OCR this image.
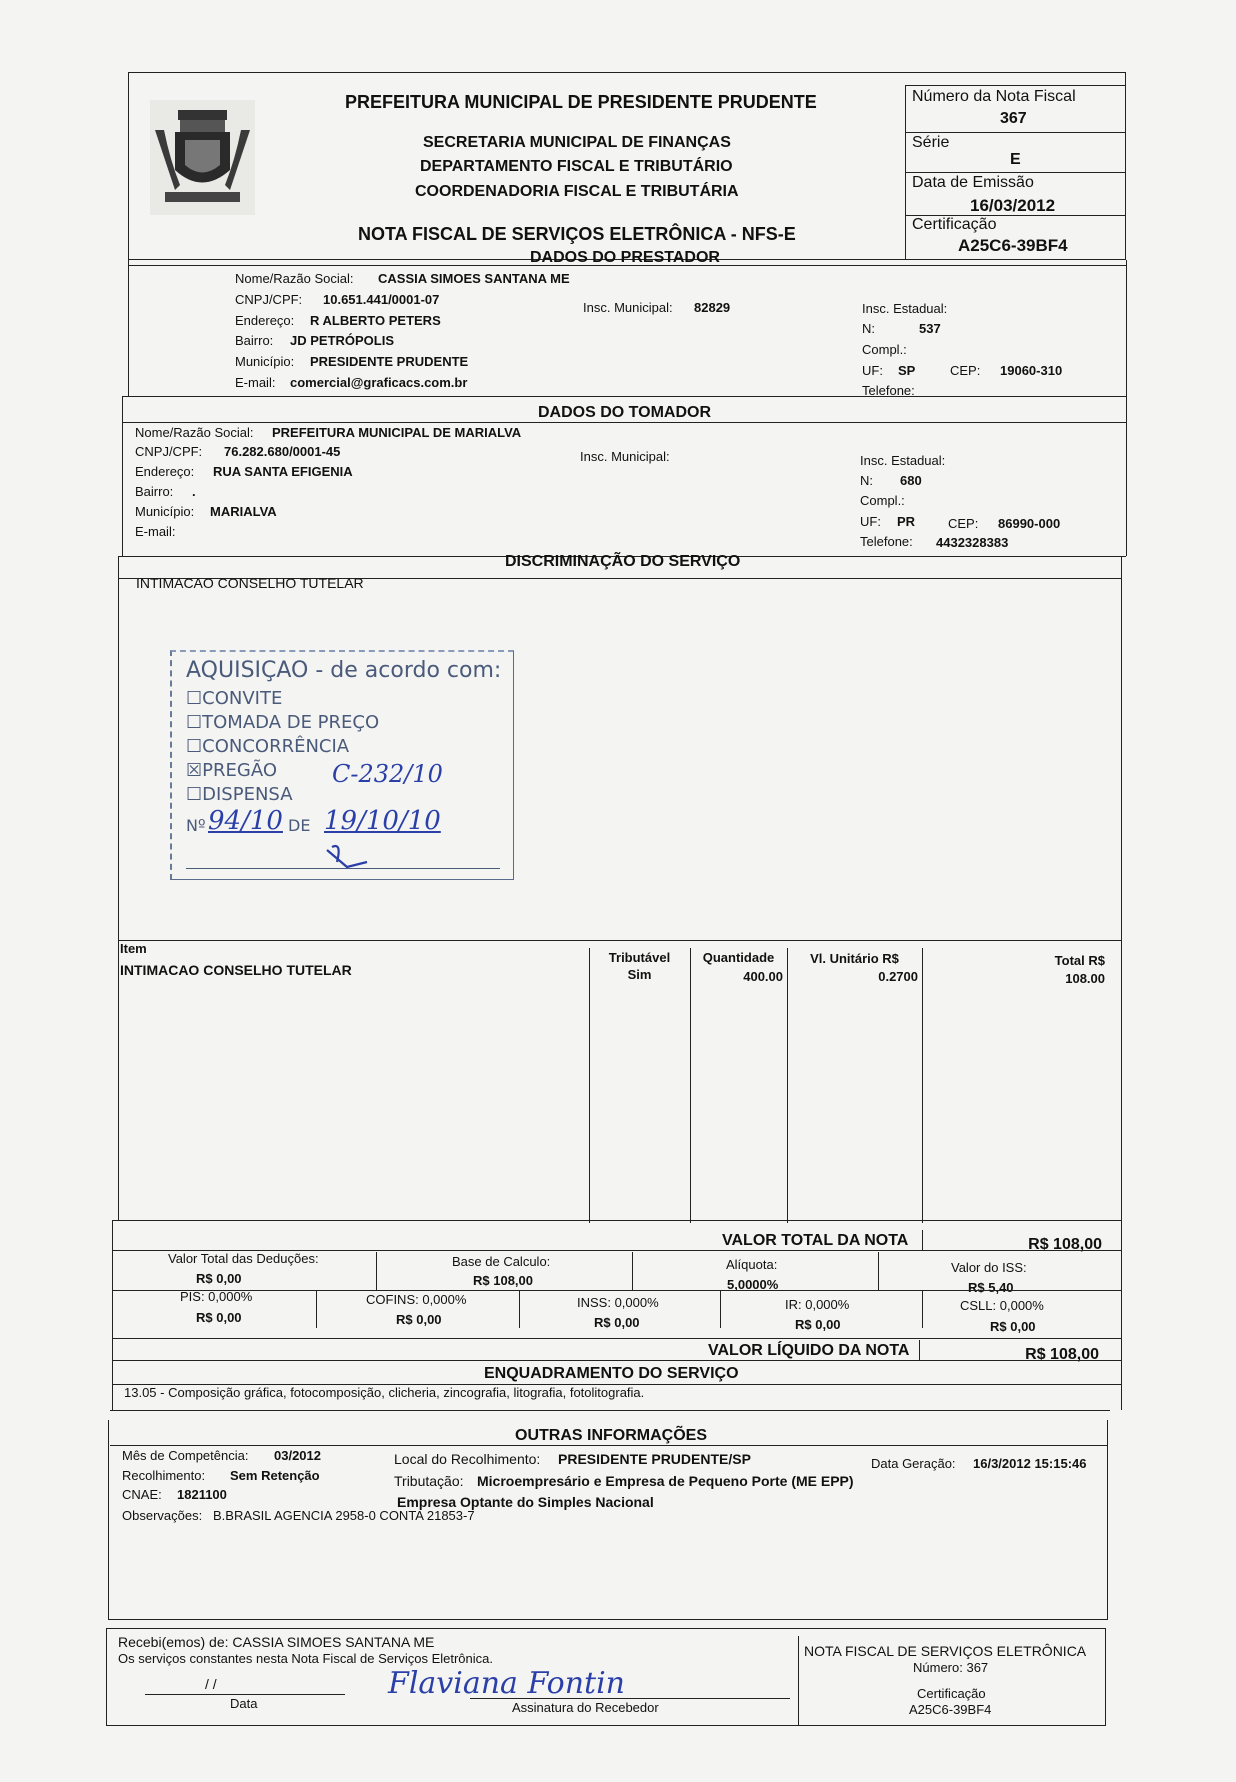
PREFEITURA MUNICIPAL DE PRESIDENTE PRUDENTE
SECRETARIA MUNICIPAL DE FINANÇAS
DEPARTAMENTO FISCAL E TRIBUTÁRIO
COORDENADORIA FISCAL E TRIBUTÁRIA
NOTA FISCAL DE SERVIÇOS ELETRÔNICA - NFS-E
Número da Nota Fiscal
367
Série
E
Data de Emissão
16/03/2012
Certificação
A25C6-39BF4
DADOS DO PRESTADOR
Nome/Razão Social: CASSIA SIMOES SANTANA ME
CNPJ/CPF: 10.651.441/0001-07
Endereço: R ALBERTO PETERS
Bairro: JD PETRÓPOLIS
Município: PRESIDENTE PRUDENTE
E-mail: comercial@graficacs.com.br
Insc. Municipal: 82829	Insc. Estadual:
N:	537
Compl.:
UF: SP	CEP: 19060-310
Telefone:
DADOS DO TOMADOR
Nome/Razão Social: PREFEITURA MUNICIPAL DE MARIALVA
CNPJ/CPF: 76.282.680/0001-45
Endereço: RUA SANTA EFIGENIA
Bairro: .
Município: MARIALVA
E-mail:
Insc. Municipal:	Insc. Estadual:
N: 680
Compl.:
UF: PR	CEP: 86990-000
Telefone: 4432328383
DISCRIMINAÇÃO DO SERVIÇO
INTIMACAO CONSELHO TUTELAR
AQUISIÇAO - de acordo com:
☐CONVITE
☐TOMADA DE PREÇO
☐CONCORRÊNCIA
☒PREGÃO C-232/10
☐DISPENSA
Nº 94/10 DE 19/10/10
Item
Tributável	Quantidade	Vl. Unitário R$	Total R$
INTIMACAO CONSELHO TUTELAR	Sim	400.00	0.2700	108.00
VALOR TOTAL DA NOTA	R$ 108,00
Valor Total das Deduções:
R$ 0,00
Base de Calculo:
R$ 108,00
Alíquota:
5,0000%
Valor do ISS:
R$ 5,40
PIS: 0,000%
R$ 0,00
COFINS: 0,000%
R$ 0,00
INSS: 0,000%
R$ 0,00
IR: 0,000%
R$ 0,00
CSLL: 0,000%
R$ 0,00
VALOR LÍQUIDO DA NOTA	R$ 108,00
ENQUADRAMENTO DO SERVIÇO
13.05 - Composição gráfica, fotocomposição, clicheria, zincografia, litografia, fotolitografia.
OUTRAS INFORMAÇÕES
Mês de Competência: 03/2012
Recolhimento: Sem Retenção
CNAE: 1821100
Observações: B.BRASIL AGENCIA 2958-0 CONTA 21853-7
Local do Recolhimento: PRESIDENTE PRUDENTE/SP
Tributação: Microempresário e Empresa de Pequeno Porte (ME EPP)
Empresa Optante do Simples Nacional
Data Geração: 16/3/2012 15:15:46
Recebi(emos) de: CASSIA SIMOES SANTANA ME
Os serviços constantes nesta Nota Fiscal de Serviços Eletrônica.
/ /
Data	Assinatura do Recebedor
Flaviana Fontin
NOTA FISCAL DE SERVIÇOS ELETRÔNICA
Número: 367
Certificação
A25C6-39BF4
